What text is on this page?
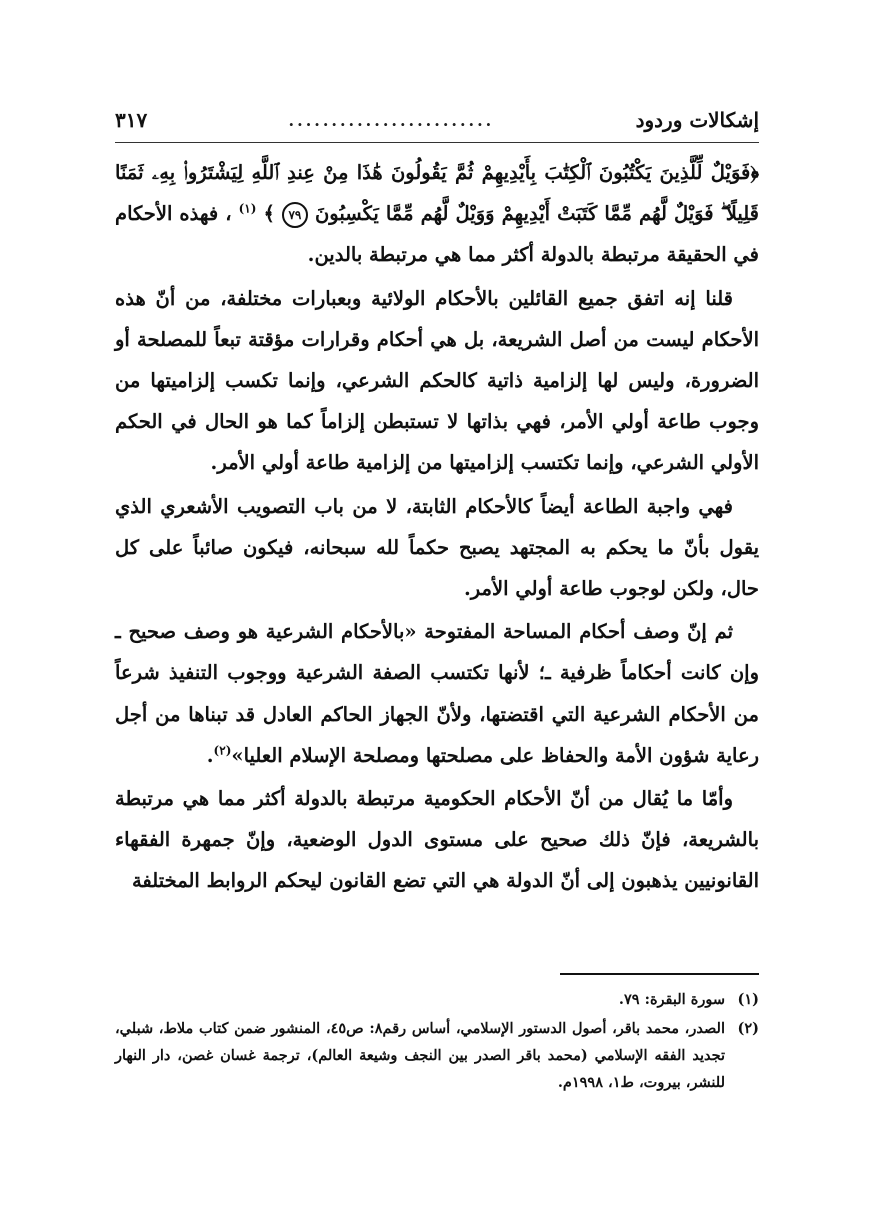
إشكالات وردود
........................
٣١٧

﴿فَوَيْلٌ لِّلَّذِينَ يَكْتُبُونَ ٱلْكِتَٰبَ بِأَيْدِيهِمْ ثُمَّ يَقُولُونَ هَٰذَا مِنْ عِندِ ٱللَّهِ لِيَشْتَرُوا۟ بِهِۦ ثَمَنًا قَلِيلًا ۖ فَوَيْلٌ لَّهُم مِّمَّا كَتَبَتْ أَيْدِيهِمْ وَوَيْلٌ لَّهُم مِّمَّا يَكْسِبُونَ ٧٩ ﴾ $^{(١)}$ ، فهذه الأحكام في الحقيقة مرتبطة بالدولة أكثر مما هي مرتبطة بالدين.

قلنا إنه اتفق جميع القائلين بالأحكام الولائية وبعبارات مختلفة، من أنّ هذه الأحكام ليست من أصل الشريعة، بل هي أحكام وقرارات مؤقتة تبعاً للمصلحة أو الضرورة، وليس لها إلزامية ذاتية كالحكم الشرعي، وإنما تكسب إلزاميتها من وجوب طاعة أولي الأمر، فهي بذاتها لا تستبطن إلزاماً كما هو الحال في الحكم الأولي الشرعي، وإنما تكتسب إلزاميتها من إلزامية طاعة أولي الأمر.

فهي واجبة الطاعة أيضاً كالأحكام الثابتة، لا من باب التصويب الأشعري الذي يقول بأنّ ما يحكم به المجتهد يصبح حكماً لله سبحانه، فيكون صائباً على كل حال، ولكن لوجوب طاعة أولي الأمر.

ثم إنّ وصف أحكام المساحة المفتوحة «بالأحكام الشرعية هو وصف صحيح ـ وإن كانت أحكاماً ظرفية ـ؛ لأنها تكتسب الصفة الشرعية ووجوب التنفيذ شرعاً من الأحكام الشرعية التي اقتضتها، ولأنّ الجهاز الحاكم العادل قد تبناها من أجل رعاية شؤون الأمة والحفاظ على مصلحتها ومصلحة الإسلام العليا»$^{(٢)}$.

وأمّا ما يُقال من أنّ الأحكام الحكومية مرتبطة بالدولة أكثر مما هي مرتبطة بالشريعة، فإنّ ذلك صحيح على مستوى الدول الوضعية، وإنّ جمهرة الفقهاء القانونيين يذهبون إلى أنّ الدولة هي التي تضع القانون ليحكم الروابط المختلفة

(١)
سورة البقرة: ٧٩.
(٢)
الصدر، محمد باقر، أصول الدستور الإسلامي، أساس رقم٨: ص٤٥، المنشور ضمن كتاب ملاط، شبلي، تجديد الفقه الإسلامي (محمد باقر الصدر بين النجف وشيعة العالم)، ترجمة غسان غصن، دار النهار للنشر، بيروت، ط١، ١٩٩٨م.
